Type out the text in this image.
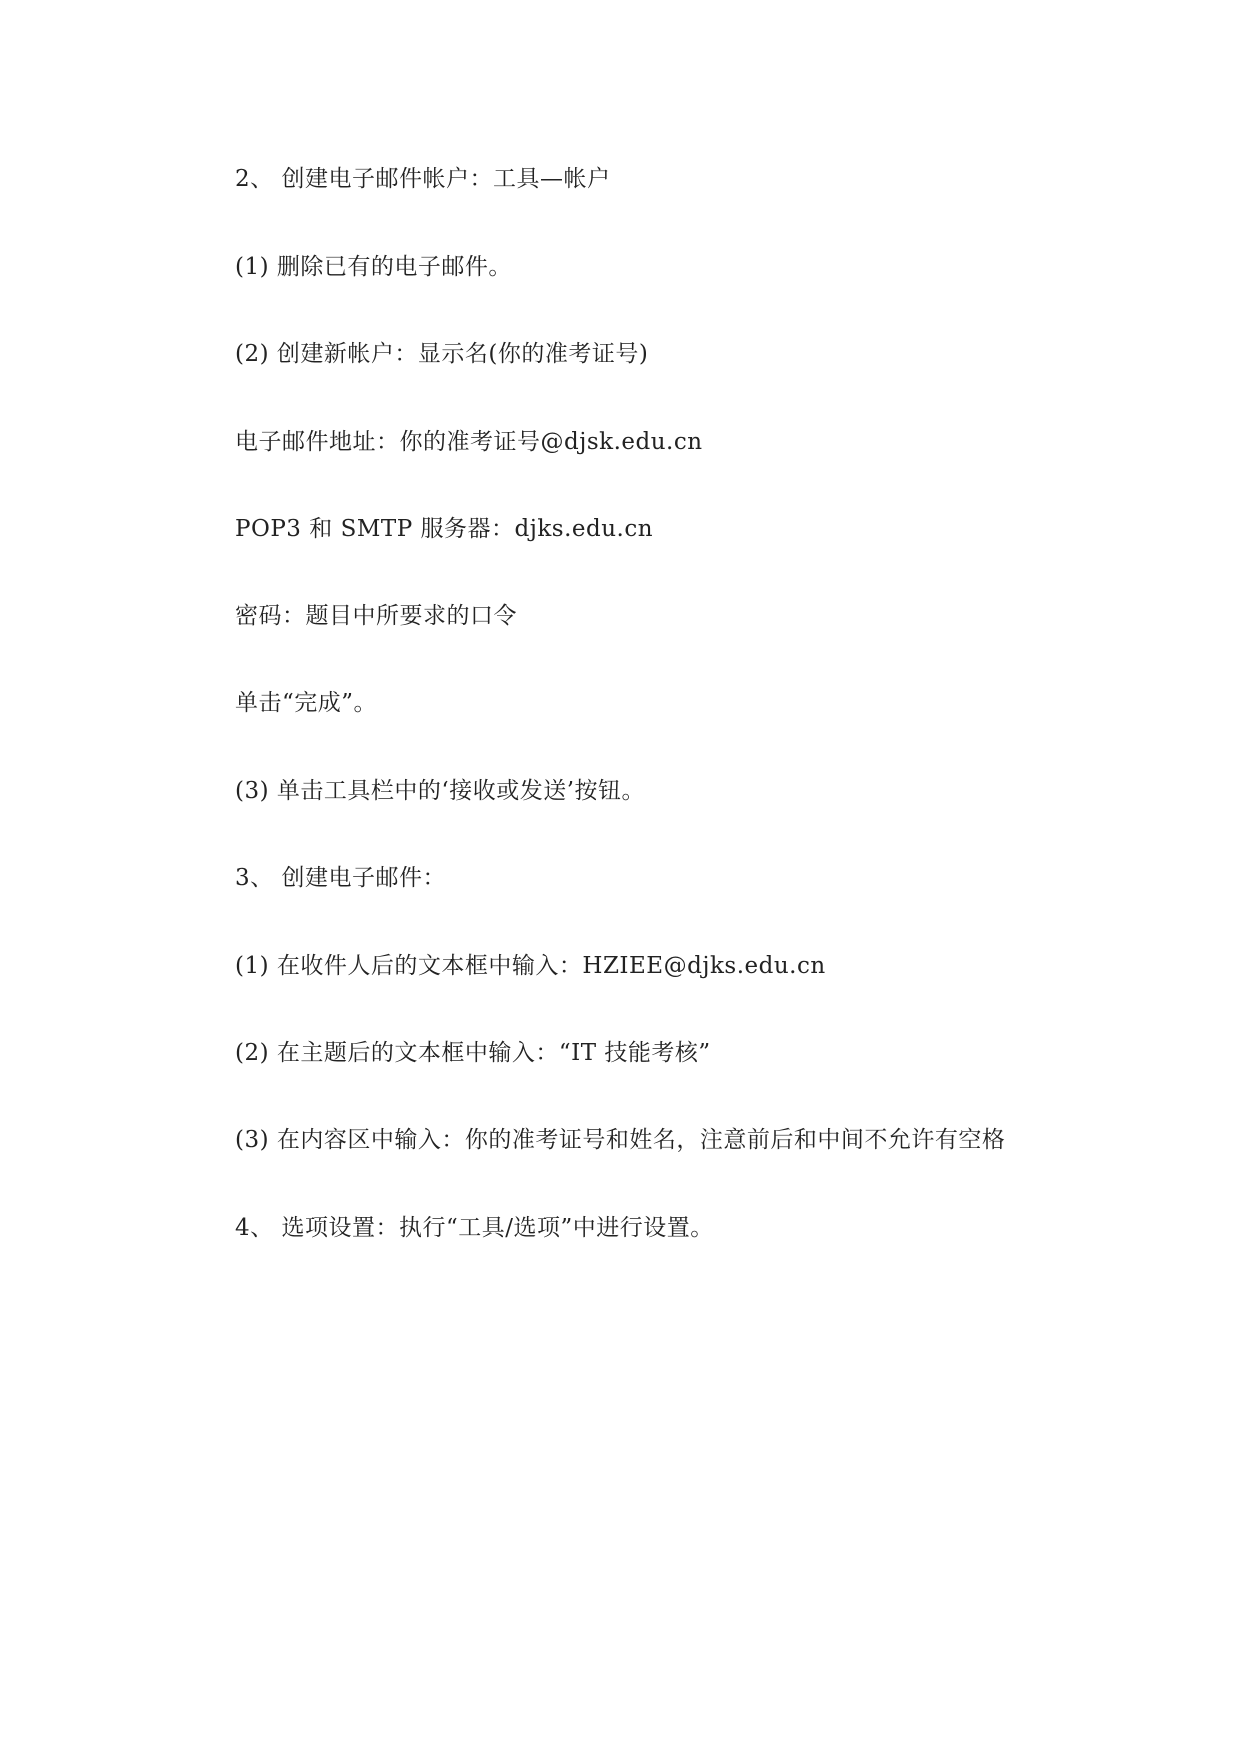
2、 创建电子邮件帐户：工具—帐户
(1) 删除已有的电子邮件。
(2) 创建新帐户：显示名(你的准考证号)
电子邮件地址：你的准考证号@djsk.edu.cn
POP3 和 SMTP 服务器：djks.edu.cn
密码：题目中所要求的口令
单击“完成”。
(3) 单击工具栏中的‘接收或发送’按钮。
3、 创建电子邮件：
(1) 在收件人后的文本框中输入：HZIEE@djks.edu.cn
(2) 在主题后的文本框中输入：“IT 技能考核”
(3) 在内容区中输入：你的准考证号和姓名，注意前后和中间不允许有空格
4、 选项设置：执行“工具/选项”中进行设置。
